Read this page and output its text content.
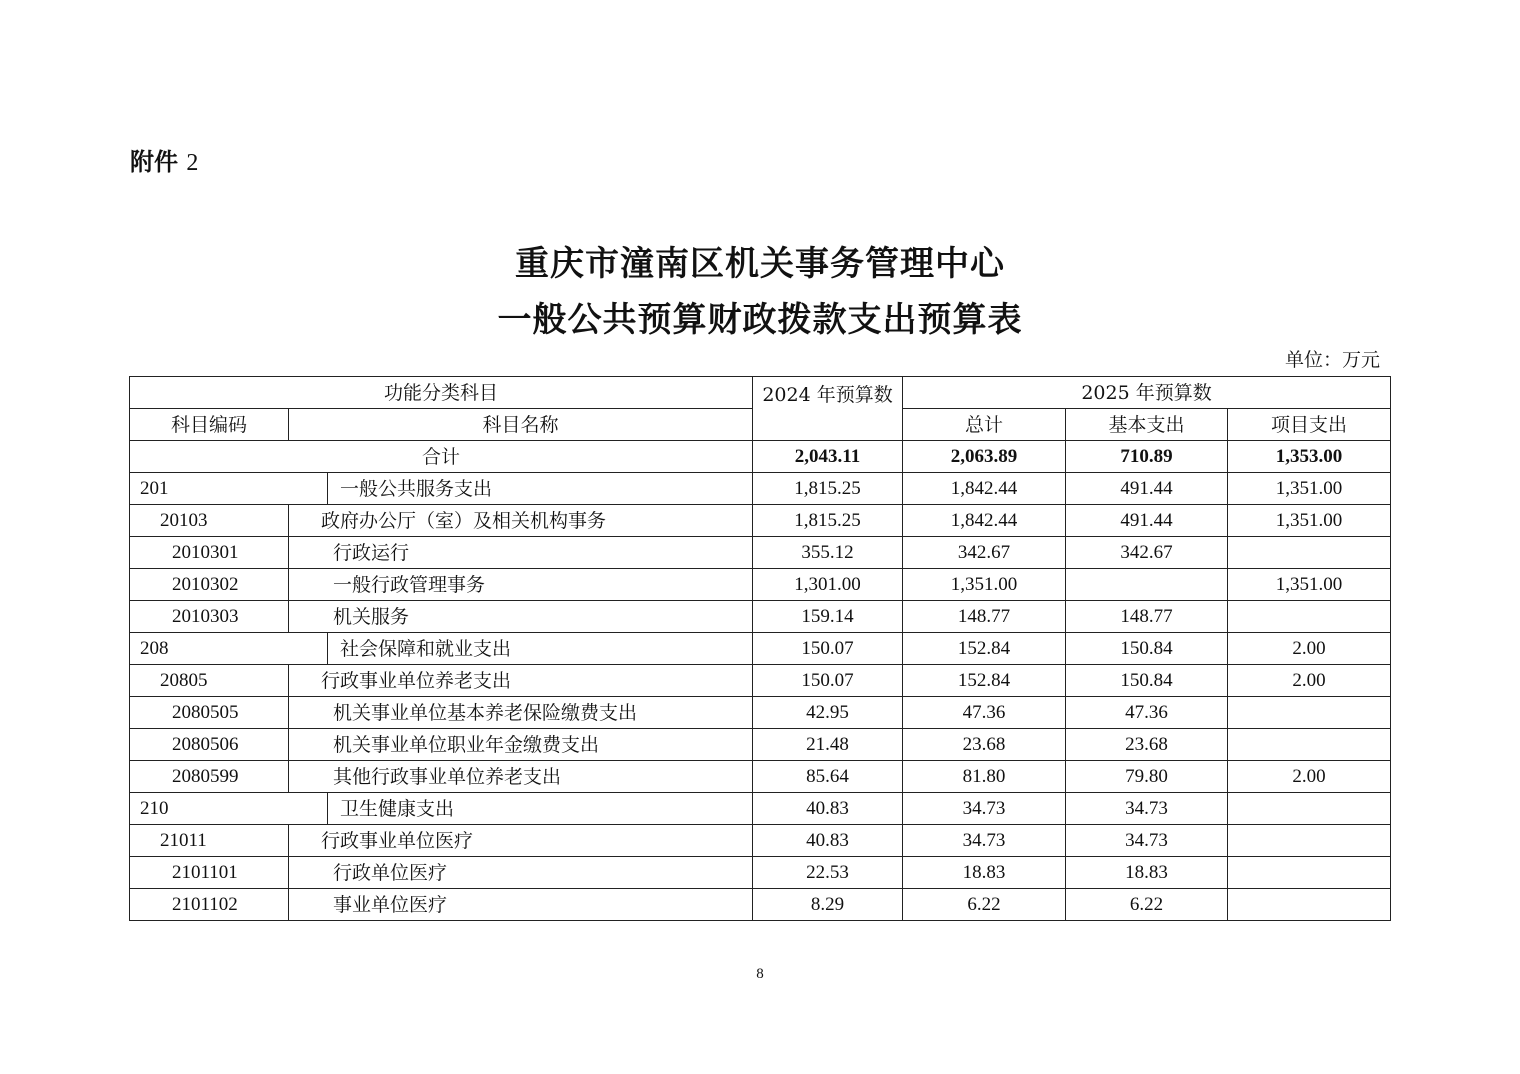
附件 2
重庆市潼南区机关事务管理中心
一般公共预算财政拨款支出预算表
单位：万元
功能分类科目			2024 年预算数	2025 年预算数		
科目编码	科目名称			总计	基本支出	项目支出
合计			2,043.11	2,063.89	710.89	1,353.00
201		一般公共服务支出	1,815.25	1,842.44	491.44	1,351.00
20103	政府办公厅（室）及相关机构事务		1,815.25	1,842.44	491.44	1,351.00
2010301	行政运行		355.12	342.67	342.67	
2010302	一般行政管理事务		1,301.00	1,351.00		1,351.00
2010303	机关服务		159.14	148.77	148.77	
208		社会保障和就业支出	150.07	152.84	150.84	2.00
20805	行政事业单位养老支出		150.07	152.84	150.84	2.00
2080505	机关事业单位基本养老保险缴费支出		42.95	47.36	47.36	
2080506	机关事业单位职业年金缴费支出		21.48	23.68	23.68	
2080599	其他行政事业单位养老支出		85.64	81.80	79.80	2.00
210		卫生健康支出	40.83	34.73	34.73	
21011	行政事业单位医疗		40.83	34.73	34.73	
2101101	行政单位医疗		22.53	18.83	18.83	
2101102	事业单位医疗		8.29	6.22	6.22	
8
